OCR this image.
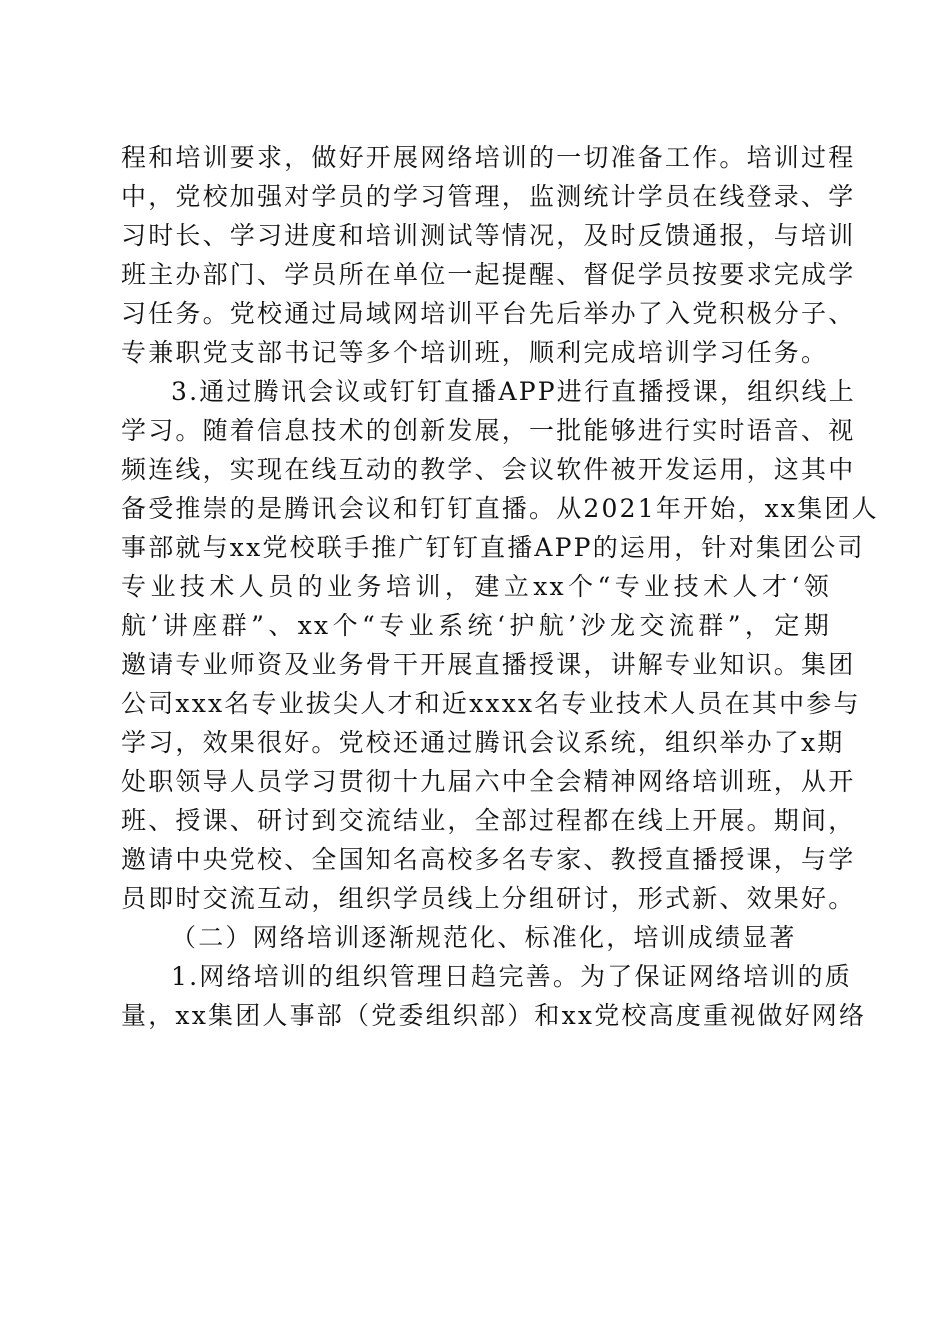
程和培训要求，做好开展网络培训的一切准备工作。培训过程
中，党校加强对学员的学习管理，监测统计学员在线登录、学
习时长、学习进度和培训测试等情况，及时反馈通报，与培训
班主办部门、学员所在单位一起提醒、督促学员按要求完成学
习任务。党校通过局域网培训平台先后举办了入党积极分子、
专兼职党支部书记等多个培训班，顺利完成培训学习任务。
3.通过腾讯会议或钉钉直播APP进行直播授课，组织线上
学习。随着信息技术的创新发展，一批能够进行实时语音、视
频连线，实现在线互动的教学、会议软件被开发运用，这其中
备受推崇的是腾讯会议和钉钉直播。从2021年开始，xx集团人
事部就与xx党校联手推广钉钉直播APP的运用，针对集团公司
专业技术人员的业务培训，建立xx个“专业技术人才‘领
航’讲座群”、xx个“专业系统‘护航’沙龙交流群”，定期
邀请专业师资及业务骨干开展直播授课，讲解专业知识。集团
公司xxx名专业拔尖人才和近xxxx名专业技术人员在其中参与
学习，效果很好。党校还通过腾讯会议系统，组织举办了x期
处职领导人员学习贯彻十九届六中全会精神网络培训班，从开
班、授课、研讨到交流结业，全部过程都在线上开展。期间，
邀请中央党校、全国知名高校多名专家、教授直播授课，与学
员即时交流互动，组织学员线上分组研讨，形式新、效果好。
（二）网络培训逐渐规范化、标准化，培训成绩显著
1.网络培训的组织管理日趋完善。为了保证网络培训的质
量，xx集团人事部（党委组织部）和xx党校高度重视做好网络
